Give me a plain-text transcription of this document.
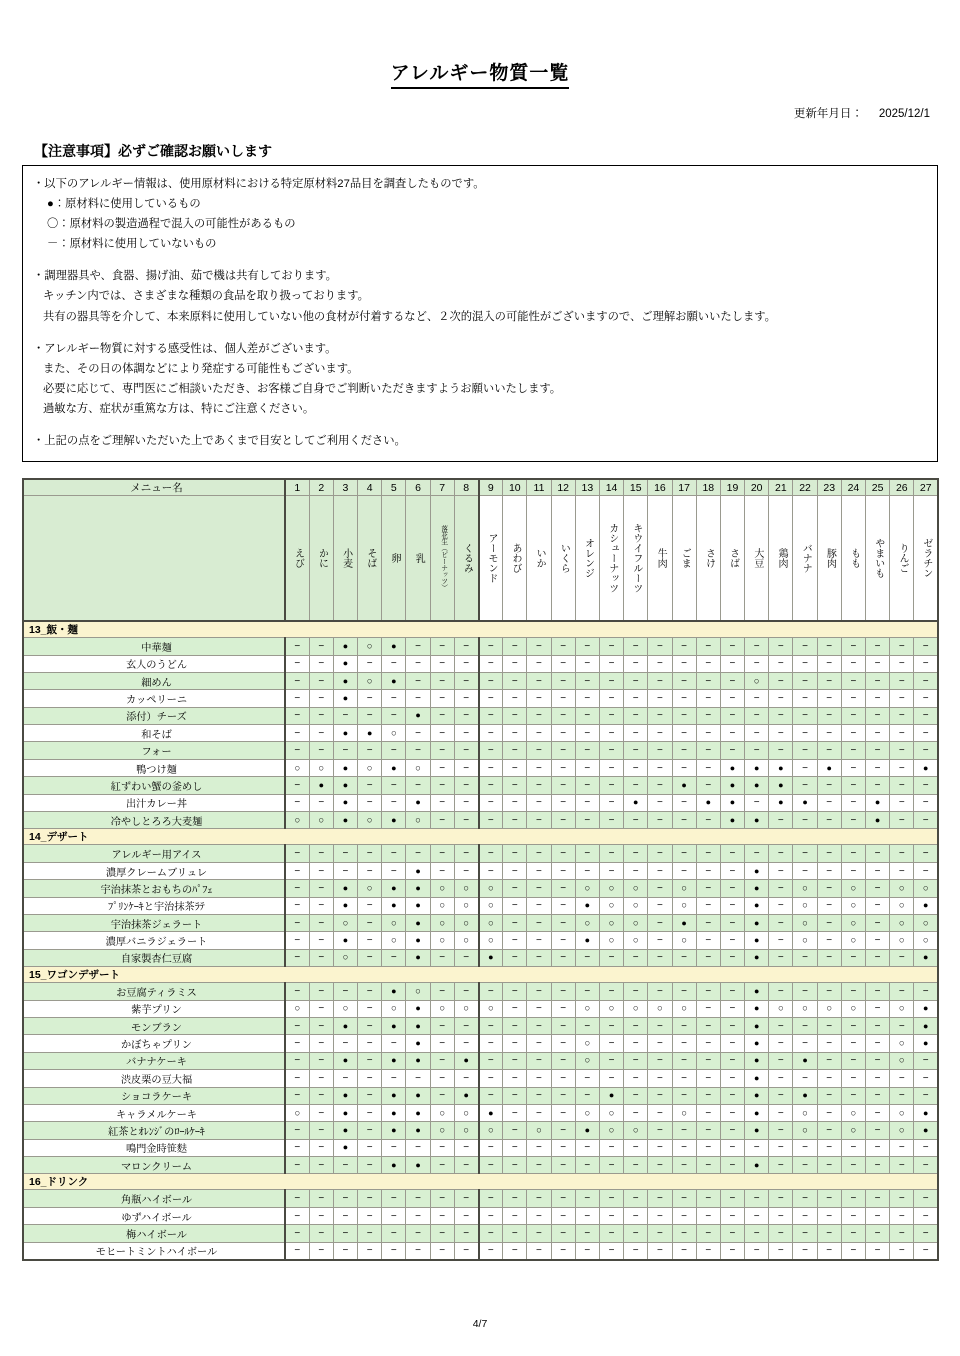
アレルギー物質一覧
更新年月日： 2025/12/1
【注意事項】必ずご確認お願いします

・以下のアレルギー情報は、使用原材料における特定原材料27品目を調査したものです。

●：原材料に使用しているもの

〇：原材料の製造過程で混入の可能性があるもの

－：原材料に使用していないもの

・調理器具や、食器、揚げ油、茹で機は共有しております。

キッチン内では、さまざまな種類の食品を取り扱っております。

共有の器具等を介して、本来原料に使用していない他の食材が付着するなど、２次的混入の可能性がございますので、ご理解お願いいたします。

・アレルギー物質に対する感受性は、個人差がございます。

また、その日の体調などにより発症する可能性もございます。

必要に応じて、専門医にご相談いただき、お客様ご自身でご判断いただきますようお願いいたします。

過敏な方、症状が重篤な方は、特にご注意ください。

・上記の点をご理解いただいた上であくまで目安としてご利用ください。

メニュー名	1	2	3	4	5	6	7	8	9	10	11	12	13	14	15	16	17	18	19	20	21	22	23	24	25	26	27

	えび	かに	小麦	そば	卵	乳	落花生（ピーナッツ）	くるみ	アーモンド	あわび	いか	いくら	オレンジ	カシューナッツ	キウイフルーツ	牛肉	ごま	さけ	さば	大豆	鶏肉	バナナ	豚肉	もも	やまいも	りんご	ゼラチン

13_飯・麺																											
中華麺	−	−	●	○	●	−	−	−	−	−	−	−	−	−	−	−	−	−	−	−	−	−	−	−	−	−	−
玄人のうどん	−	−	●	−	−	−	−	−	−	−	−	−	−	−	−	−	−	−	−	−	−	−	−	−	−	−	−
細めん	−	−	●	○	●	−	−	−	−	−	−	−	−	−	−	−	−	−	−	○	−	−	−	−	−	−	−
カッペリーニ	−	−	●	−	−	−	−	−	−	−	−	−	−	−	−	−	−	−	−	−	−	−	−	−	−	−	−
添付）チーズ	−	−	−	−	−	●	−	−	−	−	−	−	−	−	−	−	−	−	−	−	−	−	−	−	−	−	−
和そば	−	−	●	●	○	−	−	−	−	−	−	−	−	−	−	−	−	−	−	−	−	−	−	−	−	−	−
フォー	−	−	−	−	−	−	−	−	−	−	−	−	−	−	−	−	−	−	−	−	−	−	−	−	−	−	−
鴨つけ麺	○	○	●	○	●	○	−	−	−	−	−	−	−	−	−	−	−	−	●	●	●	−	●	−	−	−	●
紅ずわい蟹の釜めし	−	●	●	−	−	−	−	−	−	−	−	−	−	−	−	−	●	−	●	●	●	−	−	−	−	−	−
出汁カレー丼	−	−	●	−	−	●	−	−	−	−	−	−	−	−	●	−	−	●	●	−	●	●	−	−	●	−	−
冷やしとろろ大麦麺	○	○	●	○	●	○	−	−	−	−	−	−	−	−	−	−	−	−	●	●	−	−	−	−	●	−	−
14_デザート																											
アレルギー用アイス	−	−	−	−	−	−	−	−	−	−	−	−	−	−	−	−	−	−	−	−	−	−	−	−	−	−	−
濃厚クレームブリュレ	−	−	−	−	−	●	−	−	−	−	−	−	−	−	−	−	−	−	−	●	−	−	−	−	−	−	−
宇治抹茶とおもちのﾊﾟﾌｪ	−	−	●	○	●	●	○	○	○	−	−	−	○	○	○	−	○	−	−	●	−	○	−	○	−	○	○
ﾌﾟﾘﾝｹｰｷと宇治抹茶ﾗﾃ	−	−	●	−	●	●	○	○	○	−	−	−	●	○	○	−	○	−	−	●	−	○	−	○	−	○	●
宇治抹茶ジェラート	−	−	○	−	○	●	○	○	○	−	−	−	○	○	○	−	●	−	−	●	−	○	−	○	−	○	○
濃厚バニラジェラート	−	−	●	−	○	●	○	○	○	−	−	−	●	○	○	−	○	−	−	●	−	○	−	○	−	○	○
自家製杏仁豆腐	−	−	○	−	−	●	−	−	●	−	−	−	−	−	−	−	−	−	−	●	−	−	−	−	−	−	●
15_ワゴンデザート																											
お豆腐ティラミス	−	−	−	−	●	○	−	−	−	−	−	−	−	−	−	−	−	−	−	●	−	−	−	−	−	−	−
紫芋プリン	○	−	○	−	○	●	○	○	○	−	−	−	○	○	○	○	○	−	−	●	○	○	○	○	−	○	●
モンブラン	−	−	●	−	●	●	−	−	−	−	−	−	−	−	−	−	−	−	−	●	−	−	−	−	−	−	●
かぼちゃプリン	−	−	−	−	−	●	−	−	−	−	−	−	○	−	−	−	−	−	−	●	−	−	−	−	−	○	●
バナナケーキ	−	−	●	−	●	●	−	●	−	−	−	−	○	−	−	−	−	−	−	●	−	●	−	−	−	○	−
渋皮栗の豆大福	−	−	−	−	−	−	−	−	−	−	−	−	−	−	−	−	−	−	−	●	−	−	−	−	−	−	−
ショコラケーキ	−	−	●	−	●	●	−	●	−	−	−	−	−	●	−	−	−	−	−	●	−	●	−	−	−	−	−
キャラメルケーキ	○	−	●	−	●	●	○	○	●	−	−	−	○	○	−	−	○	−	−	●	−	○	−	○	−	○	●
紅茶とｵﾚﾝｼﾞのﾛｰﾙｹｰｷ	−	−	●	−	●	●	○	○	○	−	○	−	●	○	○	−	−	−	−	●	−	○	−	○	−	○	●
鳴門金時笹麩	−	−	●	−	−	−	−	−	−	−	−	−	−	−	−	−	−	−	−	−	−	−	−	−	−	−	−
マロンクリーム	−	−	−	−	●	●	−	−	−	−	−	−	−	−	−	−	−	−	−	●	−	−	−	−	−	−	−
16_ドリンク																											
角瓶ハイボール	−	−	−	−	−	−	−	−	−	−	−	−	−	−	−	−	−	−	−	−	−	−	−	−	−	−	−
ゆずハイボール	−	−	−	−	−	−	−	−	−	−	−	−	−	−	−	−	−	−	−	−	−	−	−	−	−	−	−
梅ハイボール	−	−	−	−	−	−	−	−	−	−	−	−	−	−	−	−	−	−	−	−	−	−	−	−	−	−	−
モヒートミントハイボール	−	−	−	−	−	−	−	−	−	−	−	−	−	−	−	−	−	−	−	−	−	−	−	−	−	−	−
4/7
